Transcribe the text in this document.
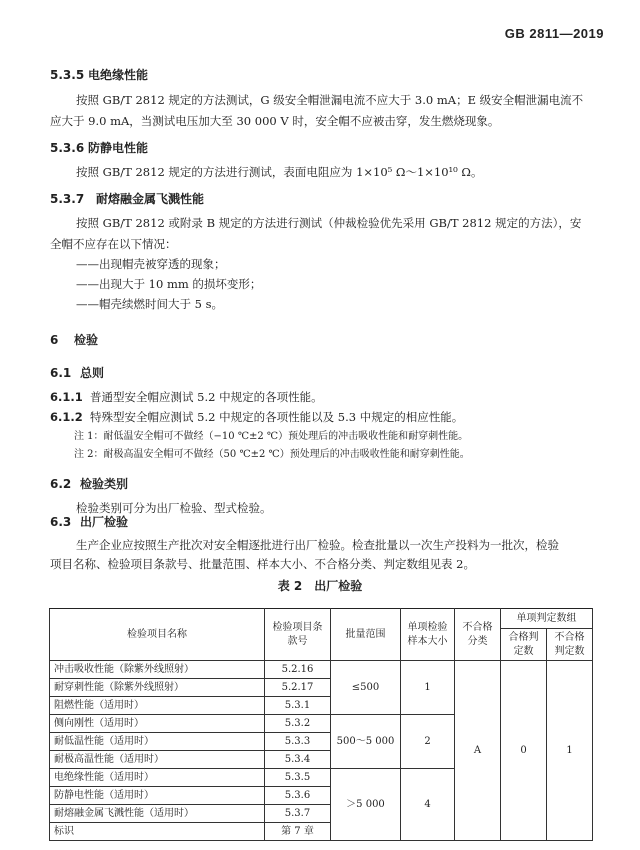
GB 2811—2019
5.3.5 电绝缘性能
按照 GB/T 2812 规定的方法测试，G 级安全帽泄漏电流不应大于 3.0 mA；E 级安全帽泄漏电流不
应大于 9.0 mA，当测试电压加大至 30 000 V 时，安全帽不应被击穿，发生燃烧现象。
5.3.6 防静电性能
按照 GB/T 2812 规定的方法进行测试，表面电阻应为 1×10⁵ Ω～1×10¹⁰ Ω。
5.3.7 耐熔融金属飞溅性能
按照 GB/T 2812 或附录 B 规定的方法进行测试（仲裁检验优先采用 GB/T 2812 规定的方法），安
全帽不应存在以下情况：
——出现帽壳被穿透的现象；
——出现大于 10 mm 的损坏变形；
——帽壳续燃时间大于 5 s。
6 检验
6.1 总则
6.1.1 普通型安全帽应测试 5.2 中规定的各项性能。
6.1.2 特殊型安全帽应测试 5.2 中规定的各项性能以及 5.3 中规定的相应性能。
注 1：耐低温安全帽可不做经（−10 ℃±2 ℃）预处理后的冲击吸收性能和耐穿刺性能。
注 2：耐极高温安全帽可不做经（50 ℃±2 ℃）预处理后的冲击吸收性能和耐穿刺性能。
6.2 检验类别
检验类别可分为出厂检验、型式检验。
6.3 出厂检验
生产企业应按照生产批次对安全帽逐批进行出厂检验。检查批量以一次生产投料为一批次，检验
表 2　出厂检验
检验项目名称	检验项目条款号	批量范围	单项检验样本大小	不合格分类	单项判定数组	
					合格判定数	不合格判定数
冲击吸收性能（除紫外线照射）	5.2.16	≤500	1	A	0	1
耐穿刺性能（除紫外线照射）	5.2.17					
阻燃性能（适用时）	5.3.1					
侧向刚性（适用时）	5.3.2	500～5 000	2			
耐低温性能（适用时）	5.3.3					
耐极高温性能（适用时）	5.3.4					
电绝缘性能（适用时）	5.3.5	＞5 000	4			
防静电性能（适用时）	5.3.6					
耐熔融金属飞溅性能（适用时）	5.3.7					
标识	第 7 章					
项目名称、检验项目条款号、批量范围、样本大小、不合格分类、判定数组见表 2。
